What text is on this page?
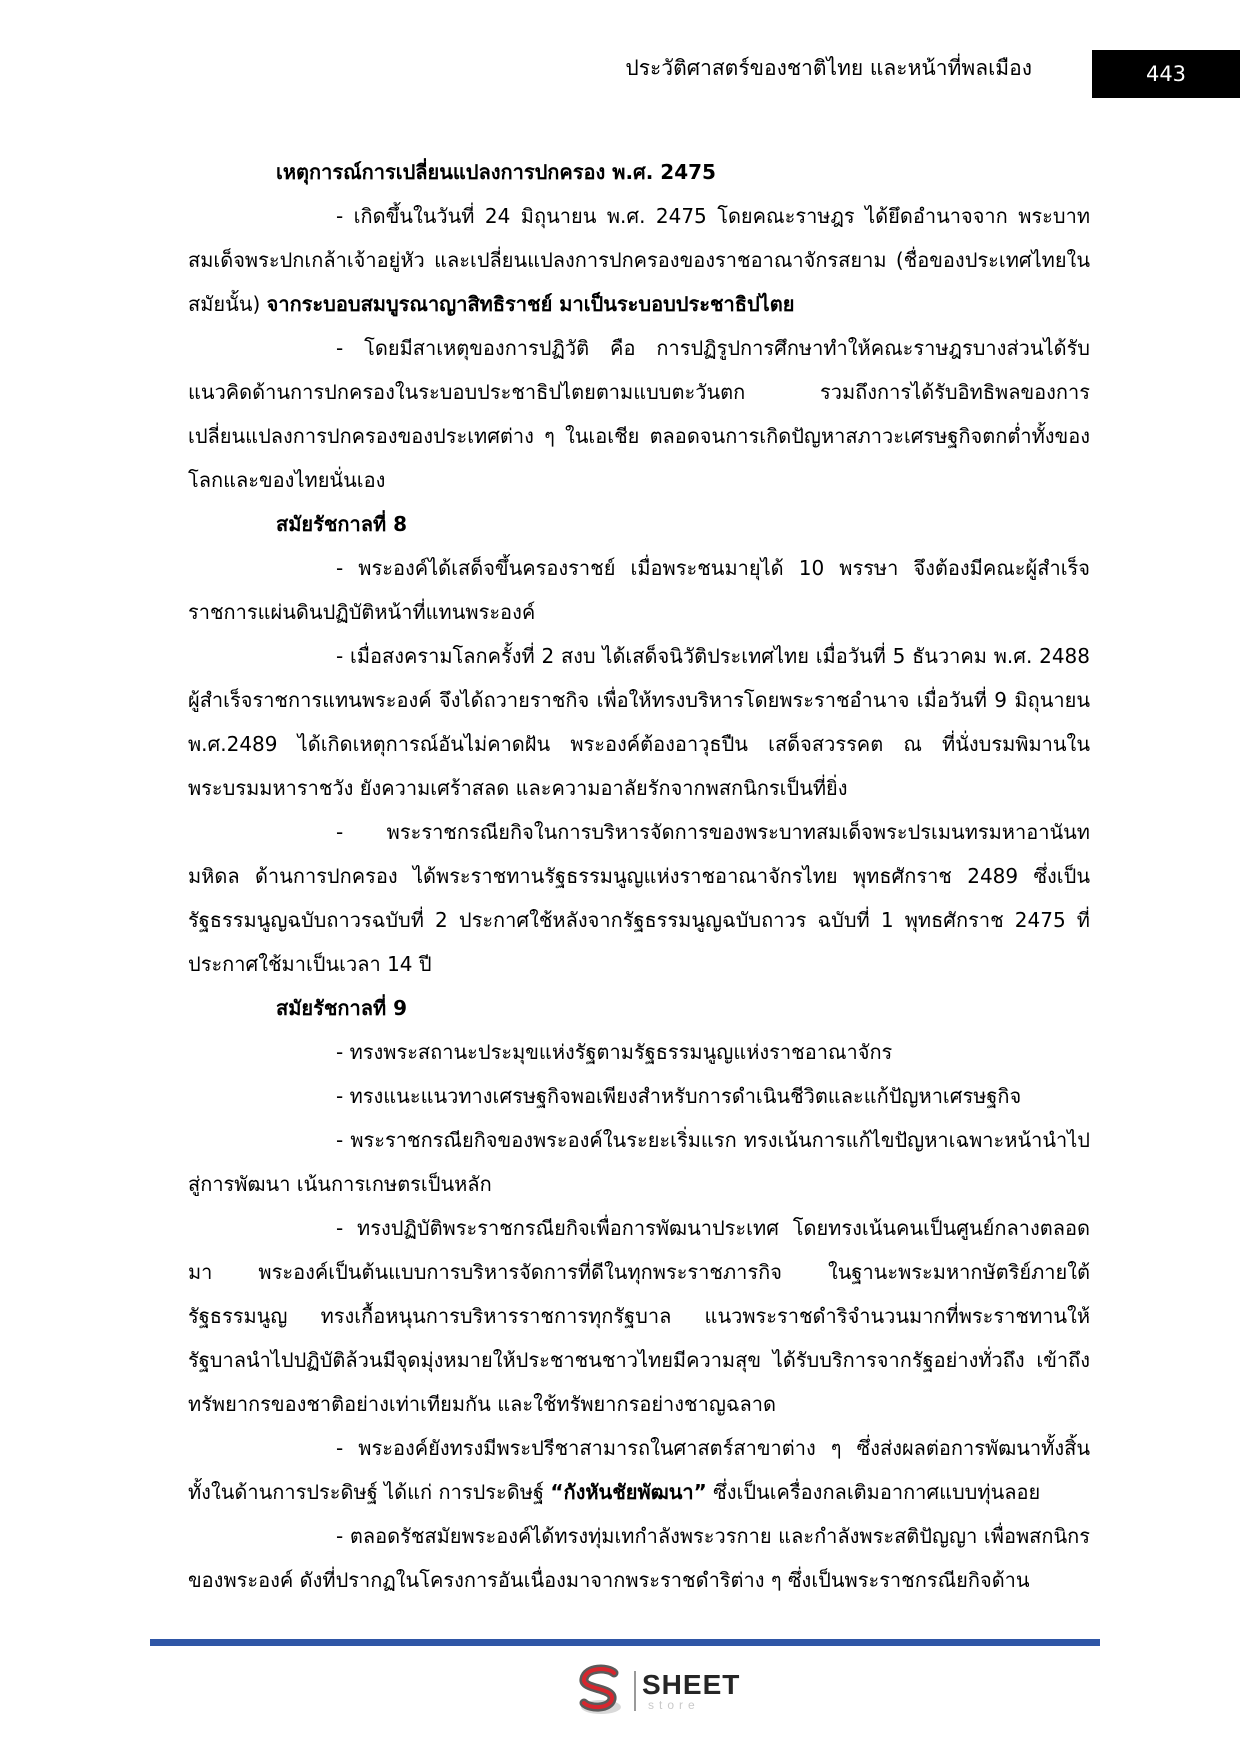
ประวัติศาสตร์ของชาติไทย และหน้าที่พลเมือง	443

เหตุการณ์การเปลี่ยนแปลงการปกครอง พ.ศ. 2475

- เกิดขึ้นในวันที่ 24 มิถุนายน พ.ศ. 2475 โดยคณะราษฎร ได้ยึดอำนาจจาก พระบาทสมเด็จพระปกเกล้าเจ้าอยู่หัว และเปลี่ยนแปลงการปกครองของราชอาณาจักรสยาม (ชื่อของประเทศไทยในสมัยนั้น) จากระบอบสมบูรณาญาสิทธิราชย์ มาเป็นระบอบประชาธิปไตย

- โดยมีสาเหตุของการปฏิวัติ คือ การปฏิรูปการศึกษาทำให้คณะราษฎรบางส่วนได้รับแนวคิดด้านการปกครองในระบอบประชาธิปไตยตามแบบตะวันตก รวมถึงการได้รับอิทธิพลของการเปลี่ยนแปลงการปกครองของประเทศต่าง ๆ ในเอเชีย ตลอดจนการเกิดปัญหาสภาวะเศรษฐกิจตกต่ำทั้งของโลกและของไทยนั่นเอง

สมัยรัชกาลที่ 8

- พระองค์ได้เสด็จขึ้นครองราชย์ เมื่อพระชนมายุได้ 10 พรรษา จึงต้องมีคณะผู้สำเร็จราชการแผ่นดินปฏิบัติหน้าที่แทนพระองค์

- เมื่อสงครามโลกครั้งที่ 2 สงบ ได้เสด็จนิวัติประเทศไทย เมื่อวันที่ 5 ธันวาคม พ.ศ. 2488 ผู้สำเร็จราชการแทนพระองค์ จึงได้ถวายราชกิจ เพื่อให้ทรงบริหารโดยพระราชอำนาจ เมื่อวันที่ 9 มิถุนายน พ.ศ.2489 ได้เกิดเหตุการณ์อันไม่คาดฝัน พระองค์ต้องอาวุธปืน เสด็จสวรรคต ณ ที่นั่งบรมพิมานในพระบรมมหาราชวัง ยังความเศร้าสลด และความอาลัยรักจากพสกนิกรเป็นที่ยิ่ง

- พระราชกรณียกิจในการบริหารจัดการของพระบาทสมเด็จพระปรเมนทรมหาอานันทมหิดล ด้านการปกครอง ได้พระราชทานรัฐธรรมนูญแห่งราชอาณาจักรไทย พุทธศักราช 2489 ซึ่งเป็นรัฐธรรมนูญฉบับถาวรฉบับที่ 2 ประกาศใช้หลังจากรัฐธรรมนูญฉบับถาวร ฉบับที่ 1 พุทธศักราช 2475 ที่ประกาศใช้มาเป็นเวลา 14 ปี

สมัยรัชกาลที่ 9

- ทรงพระสถานะประมุขแห่งรัฐตามรัฐธรรมนูญแห่งราชอาณาจักร

- ทรงแนะแนวทางเศรษฐกิจพอเพียงสำหรับการดำเนินชีวิตและแก้ปัญหาเศรษฐกิจ

- พระราชกรณียกิจของพระองค์ในระยะเริ่มแรก ทรงเน้นการแก้ไขปัญหาเฉพาะหน้านำไปสู่การพัฒนา เน้นการเกษตรเป็นหลัก

- ทรงปฏิบัติพระราชกรณียกิจเพื่อการพัฒนาประเทศ โดยทรงเน้นคนเป็นศูนย์กลางตลอดมา พระองค์เป็นต้นแบบการบริหารจัดการที่ดีในทุกพระราชภารกิจ ในฐานะพระมหากษัตริย์ภายใต้รัฐธรรมนูญ ทรงเกื้อหนุนการบริหารราชการทุกรัฐบาล แนวพระราชดำริจำนวนมากที่พระราชทานให้รัฐบาลนำไปปฏิบัติล้วนมีจุดมุ่งหมายให้ประชาชนชาวไทยมีความสุข ได้รับบริการจากรัฐอย่างทั่วถึง เข้าถึงทรัพยากรของชาติอย่างเท่าเทียมกัน และใช้ทรัพยากรอย่างชาญฉลาด

- พระองค์ยังทรงมีพระปรีชาสามารถในศาสตร์สาขาต่าง ๆ ซึ่งส่งผลต่อการพัฒนาทั้งสิ้น ทั้งในด้านการประดิษฐ์ ได้แก่ การประดิษฐ์ “กังหันชัยพัฒนา” ซึ่งเป็นเครื่องกลเติมอากาศแบบทุ่นลอย

- ตลอดรัชสมัยพระองค์ได้ทรงทุ่มเทกำลังพระวรกาย และกำลังพระสติปัญญา เพื่อพสกนิกรของพระองค์ ดังที่ปรากฏในโครงการอันเนื่องมาจากพระราชดำริต่าง ๆ ซึ่งเป็นพระราชกรณียกิจด้าน

SHEET
store
